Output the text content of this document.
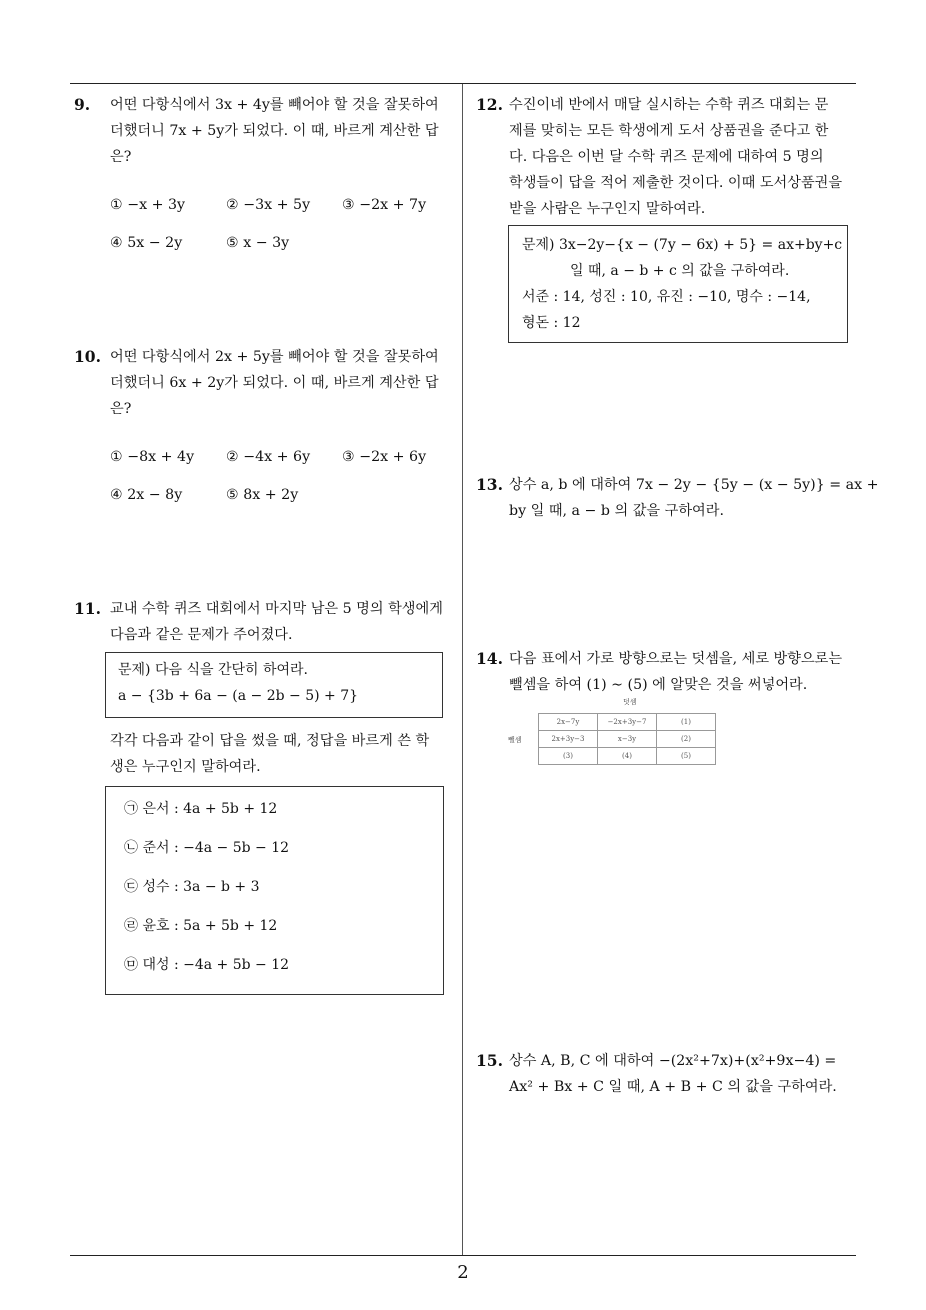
9. 어떤 다항식에서 3x + 4y를 빼어야 할 것을 잘못하여
더했더니 7x + 5y가 되었다. 이 때, 바르게 계산한 답
은?
① −x + 3y	② −3x + 5y ③ −2x + 7y
④ 5x − 2y	⑤ x − 3y
10. 어떤 다항식에서 2x + 5y를 빼어야 할 것을 잘못하여
더했더니 6x + 2y가 되었다. 이 때, 바르게 계산한 답
은?
① −8x + 4y ② −4x + 6y ③ −2x + 6y
④ 2x − 8y	⑤ 8x + 2y
11. 교내 수학 퀴즈 대회에서 마지막 남은 5 명의 학생에게
다음과 같은 문제가 주어졌다.
문제) 다음 식을 간단히 하여라.
a − {3b + 6a − (a − 2b − 5) + 7}
각각 다음과 같이 답을 썼을 때, 정답을 바르게 쓴 학
생은 누구인지 말하여라.
㉠ 은서 : 4a + 5b + 12
㉡ 준서 : −4a − 5b − 12
㉢ 성수 : 3a − b + 3
㉣ 윤호 : 5a + 5b + 12
㉤ 대성 : −4a + 5b − 12
12. 수진이네 반에서 매달 실시하는 수학 퀴즈 대회는 문
제를 맞히는 모든 학생에게 도서 상품권을 준다고 한
다. 다음은 이번 달 수학 퀴즈 문제에 대하여 5 명의
학생들이 답을 적어 제출한 것이다. 이때 도서상품권을
받을 사람은 누구인지 말하여라.
문제) 3x−2y−{x − (7y − 6x) + 5} = ax+by+c
일 때, a − b + c 의 값을 구하여라.
서준 : 14, 성진 : 10, 유진 : −10, 명수 : −14,
형돈 : 12
13. 상수 a, b 에 대하여 7x − 2y − {5y − (x − 5y)} = ax +
by 일 때, a − b 의 값을 구하여라.
14. 다음 표에서 가로 방향으로는 덧셈을, 세로 방향으로는
뺄셈을 하여 (1) ∼ (5) 에 알맞은 것을 써넣어라.
덧셈
뺄셈
2x−7y	−2x+3y−7	(1)
2x+3y−3	x−3y	(2)
(3)	(4)	(5)
15. 상수 A, B, C 에 대하여 −(2x²+7x)+(x²+9x−4) =
Ax² + Bx + C 일 때, A + B + C 의 값을 구하여라.
2
